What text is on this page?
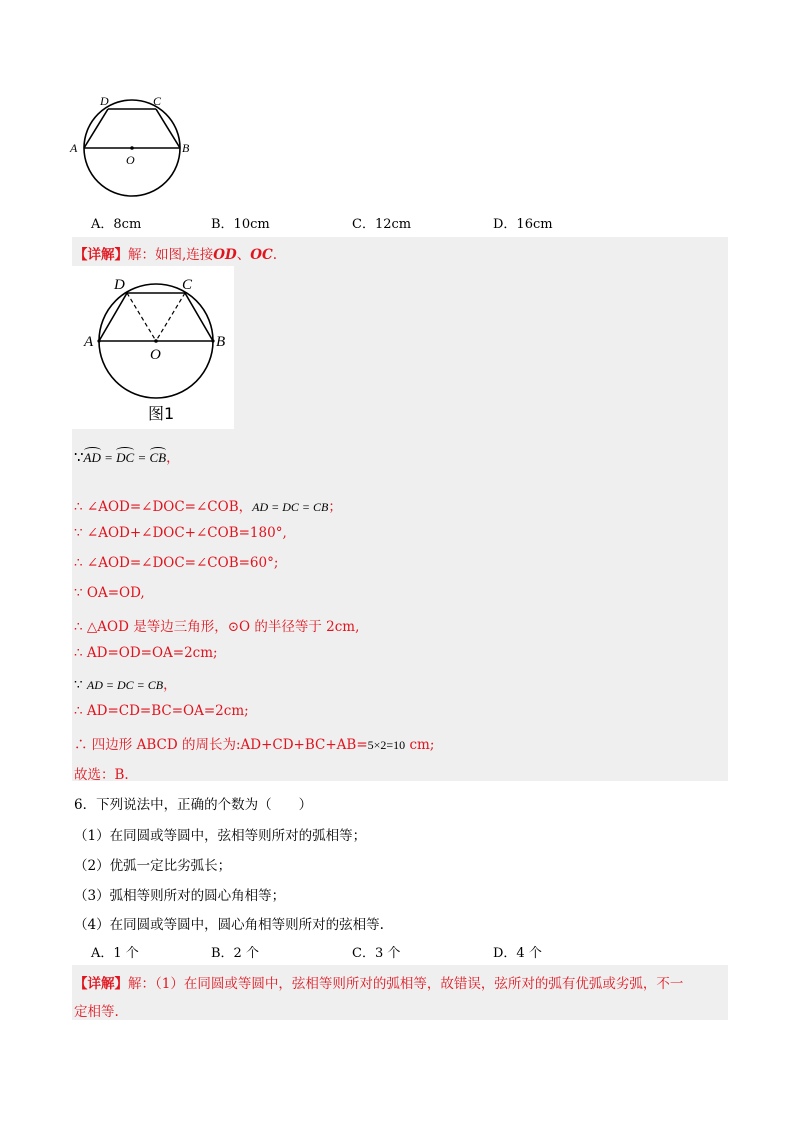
D	C
A	B
O
A．8cm	B．10cm	C．12cm	D．16cm
【详解】解：如图,连接OD、OC.
D	C
A	B
O
图1
∵AD = DC = CB，
∴ ∠AOD=∠DOC=∠COB，AD = DC = CB；
∵ ∠AOD+∠DOC+∠COB=180°,
∴ ∠AOD=∠DOC=∠COB=60°;
∵ OA=OD,
∴ △AOD 是等边三角形，⊙O 的半径等于 2cm,
∴ AD=OD=OA=2cm;
∵ AD = DC = CB，
∴ AD=CD=BC=OA=2cm;
∴ 四边形 ABCD 的周长为:AD+CD+BC+AB=5×2=10 cm;
故选：B.
6．下列说法中，正确的个数为（　　）
（1）在同圆或等圆中，弦相等则所对的弧相等；
（2）优弧一定比劣弧长；
（3）弧相等则所对的圆心角相等；
（4）在同圆或等圆中，圆心角相等则所对的弦相等.
A．1 个	B．2 个	C．3 个	D．4 个
【详解】解：（1）在同圆或等圆中，弦相等则所对的弧相等，故错误，弦所对的弧有优弧或劣弧，不一
定相等.
